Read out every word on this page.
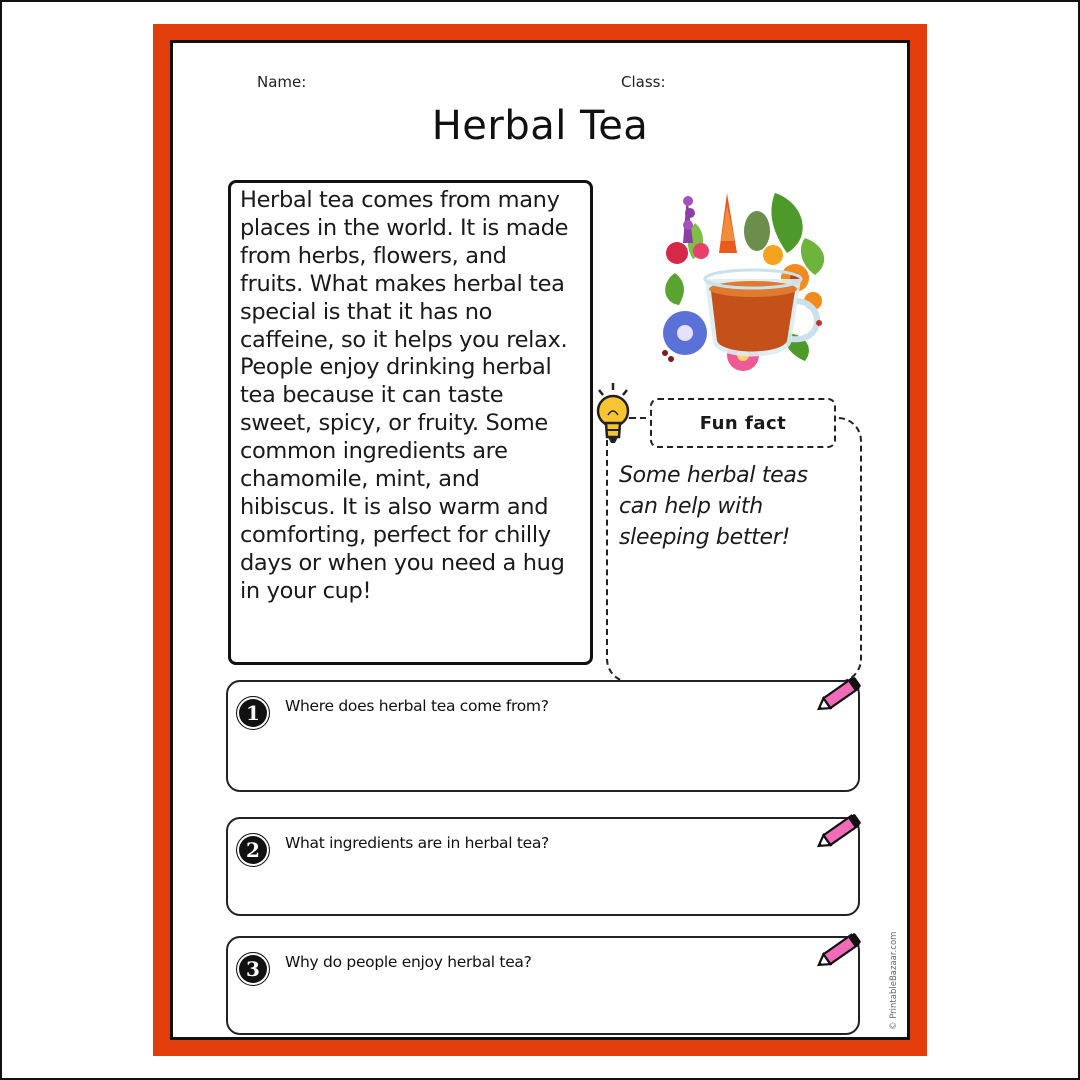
Name:	Class:
Herbal Tea

Herbal tea comes from many
places in the world. It is made
from herbs, flowers, and
fruits. What makes herbal tea
special is that it has no
caffeine, so it helps you relax.
People enjoy drinking herbal
tea because it can taste
sweet, spicy, or fruity. Some
common ingredients are
chamomile, mint, and
hibiscus. It is also warm and
comforting, perfect for chilly
days or when you need a hug
in your cup!

Fun fact

Some herbal teas
can help with
sleeping better!

1	Where does herbal tea come from?
2	What ingredients are in herbal tea?
3	Why do people enjoy herbal tea?	© PrintableBazaar.com
